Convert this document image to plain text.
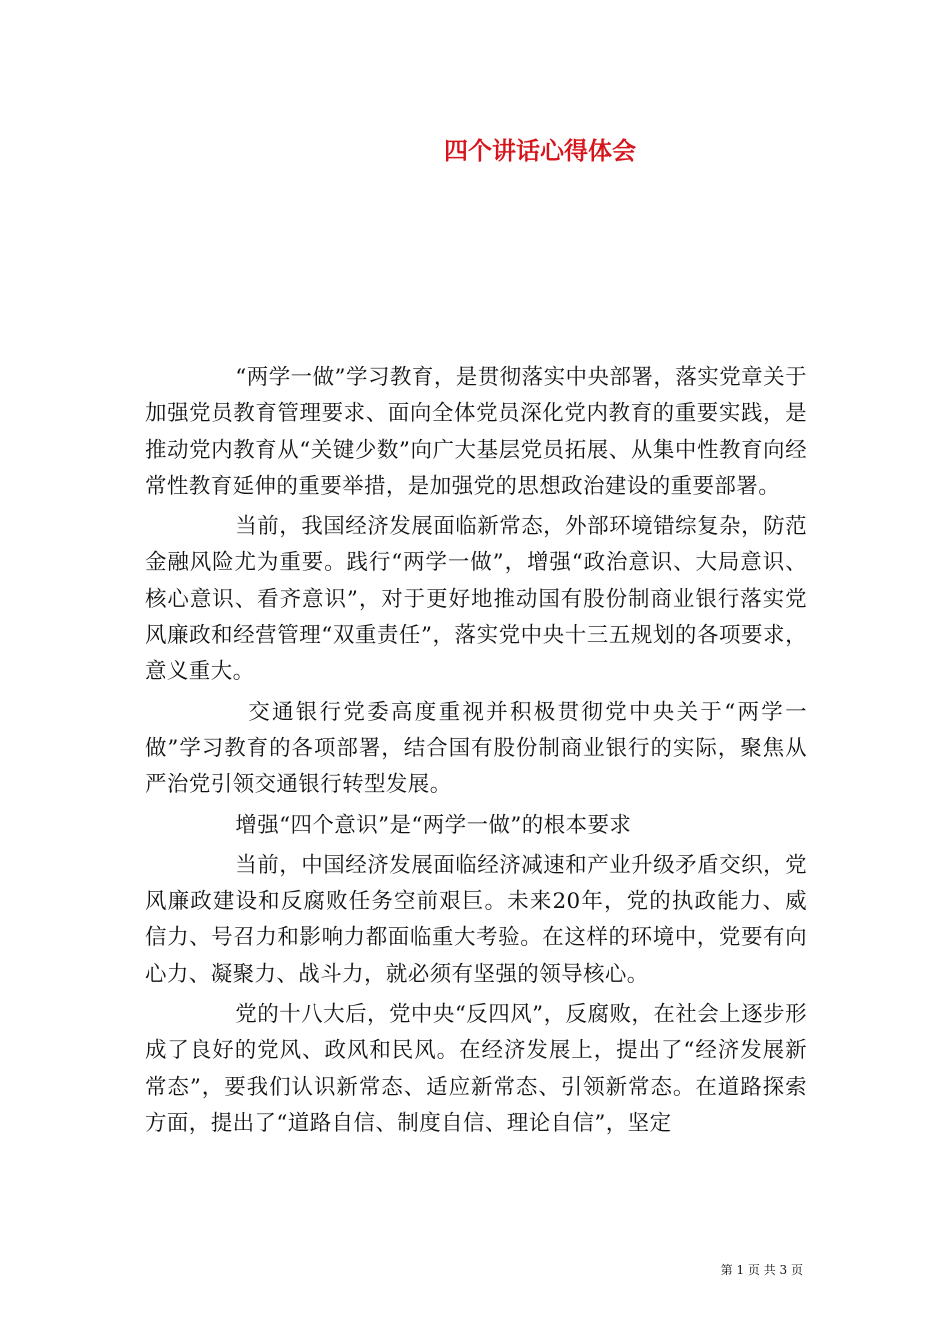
四个讲话心得体会

“两学一做”学习教育，是贯彻落实中央部署，落实党章关于加强党员教育管理要求、面向全体党员深化党内教育的重要实践，是推动党内教育从“关键少数”向广大基层党员拓展、从集中性教育向经常性教育延伸的重要举措，是加强党的思想政治建设的重要部署。

当前，我国经济发展面临新常态，外部环境错综复杂，防范金融风险尤为重要。践行“两学一做”，增强“政治意识、大局意识、核心意识、看齐意识”，对于更好地推动国有股份制商业银行落实党风廉政和经营管理“双重责任”，落实党中央十三五规划的各项要求，意义重大。

交通银行党委高度重视并积极贯彻党中央关于“两学一做”学习教育的各项部署，结合国有股份制商业银行的实际，聚焦从严治党引领交通银行转型发展。

增强“四个意识”是“两学一做”的根本要求

当前，中国经济发展面临经济减速和产业升级矛盾交织，党风廉政建设和反腐败任务空前艰巨。未来20年，党的执政能力、威信力、号召力和影响力都面临重大考验。在这样的环境中，党要有向心力、凝聚力、战斗力，就必须有坚强的领导核心。

党的十八大后，党中央“反四风”，反腐败，在社会上逐步形成了良好的党风、政风和民风。在经济发展上，提出了“经济发展新常态”，要我们认识新常态、适应新常态、引领新常态。在道路探索方面，提出了“道路自信、制度自信、理论自信”，坚定

第 1 页 共 3 页
